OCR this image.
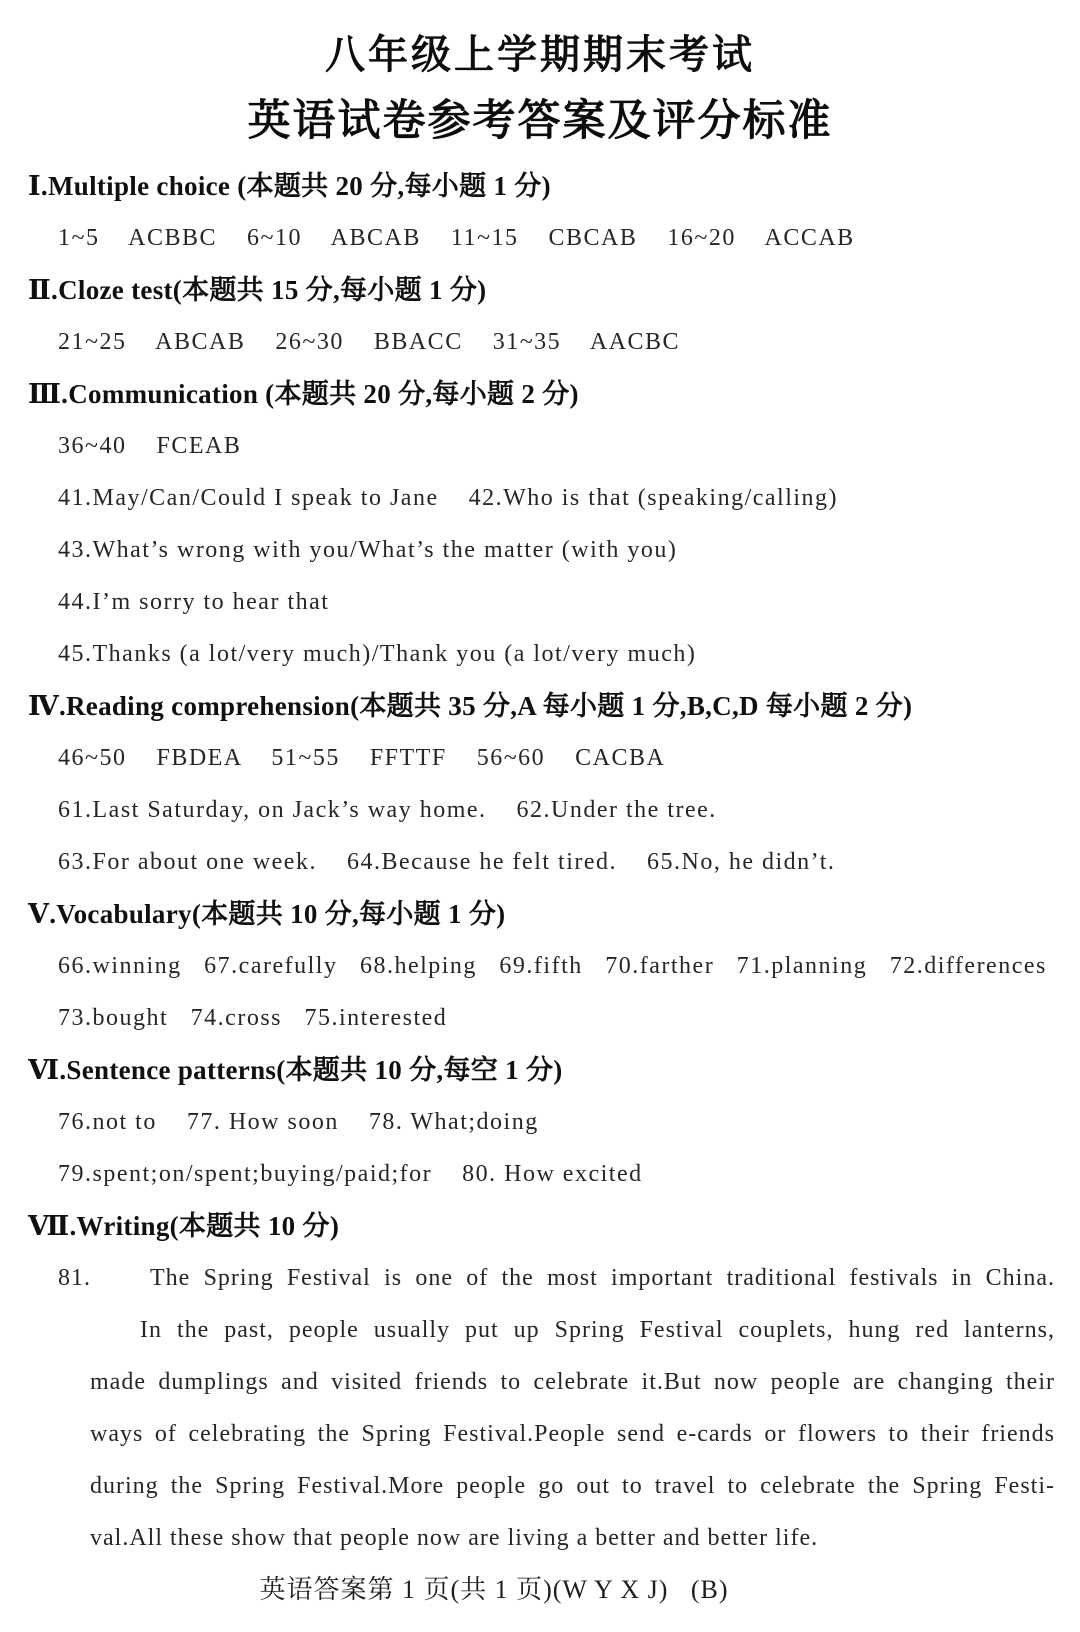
八年级上学期期末考试
英语试卷参考答案及评分标准
Ⅰ.Multiple choice (本题共 20 分,每小题 1 分)
1~5    ACBBC    6~10    ABCAB    11~15    CBCAB    16~20    ACCAB
Ⅱ.Cloze test(本题共 15 分,每小题 1 分)
21~25    ABCAB    26~30    BBACC    31~35    AACBC
Ⅲ.Communication (本题共 20 分,每小题 2 分)
36~40    FCEAB
41.May/Can/Could I speak to Jane    42.Who is that (speaking/calling)
43.What’s wrong with you/What’s the matter (with you)
44.I’m sorry to hear that
45.Thanks (a lot/very much)/Thank you (a lot/very much)
Ⅳ.Reading comprehension(本题共 35 分,A 每小题 1 分,B,C,D 每小题 2 分)
46~50    FBDEA    51~55    FFTTF    56~60    CACBA
61.Last Saturday, on Jack’s way home.    62.Under the tree.
63.For about one week.    64.Because he felt tired.    65.No, he didn’t.
Ⅴ.Vocabulary(本题共 10 分,每小题 1 分)
66.winning   67.carefully   68.helping   69.fifth   70.farther   71.planning   72.differences
73.bought   74.cross   75.interested
Ⅵ.Sentence patterns(本题共 10 分,每空 1 分)
76.not to    77. How soon    78. What;doing
79.spent;on/spent;buying/paid;for    80. How excited
Ⅶ.Writing(本题共 10 分)
81.	The Spring Festival is one of the most important traditional festivals in China.
In the past, people usually put up Spring Festival couplets, hung red lanterns,
made dumplings and visited friends to celebrate it.But now people are changing their
ways of celebrating the Spring Festival.People send e-cards or flowers to their friends
during the Spring Festival.More people go out to travel to celebrate the Spring Festi-
val.All these show that people now are living a better and better life.
英语答案第 1 页(共 1 页)(W Y X J)   (B)
